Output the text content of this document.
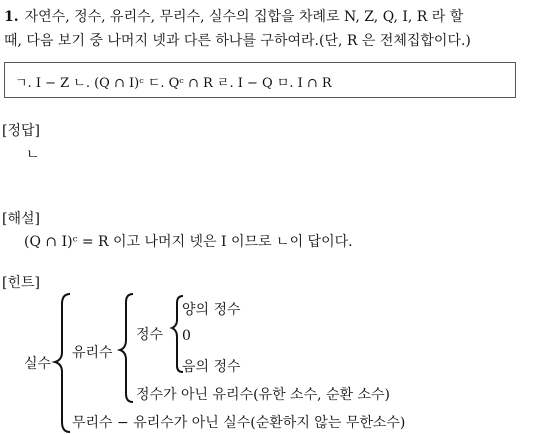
1. 자연수, 정수, 유리수, 무리수, 실수의 집합을 차례로 N, Z, Q, I, R 라 할
때, 다음 보기 중 나머지 넷과 다른 하나를 구하여라.(단, R 은 전체집합이다.)
ㄱ. I − Z ㄴ. (Q ∩ I)ᶜ ㄷ. Qᶜ ∩ R ㄹ. I − Q ㅁ. I ∩ R
[정답]
ㄴ
[해설]
(Q ∩ I)ᶜ = R 이고 나머지 넷은 I 이므로 ㄴ이 답이다.
[힌트]
실수
유리수
정수
양의 정수
0
음의 정수
정수가 아닌 유리수(유한 소수, 순환 소수)
무리수 − 유리수가 아닌 실수(순환하지 않는 무한소수)
